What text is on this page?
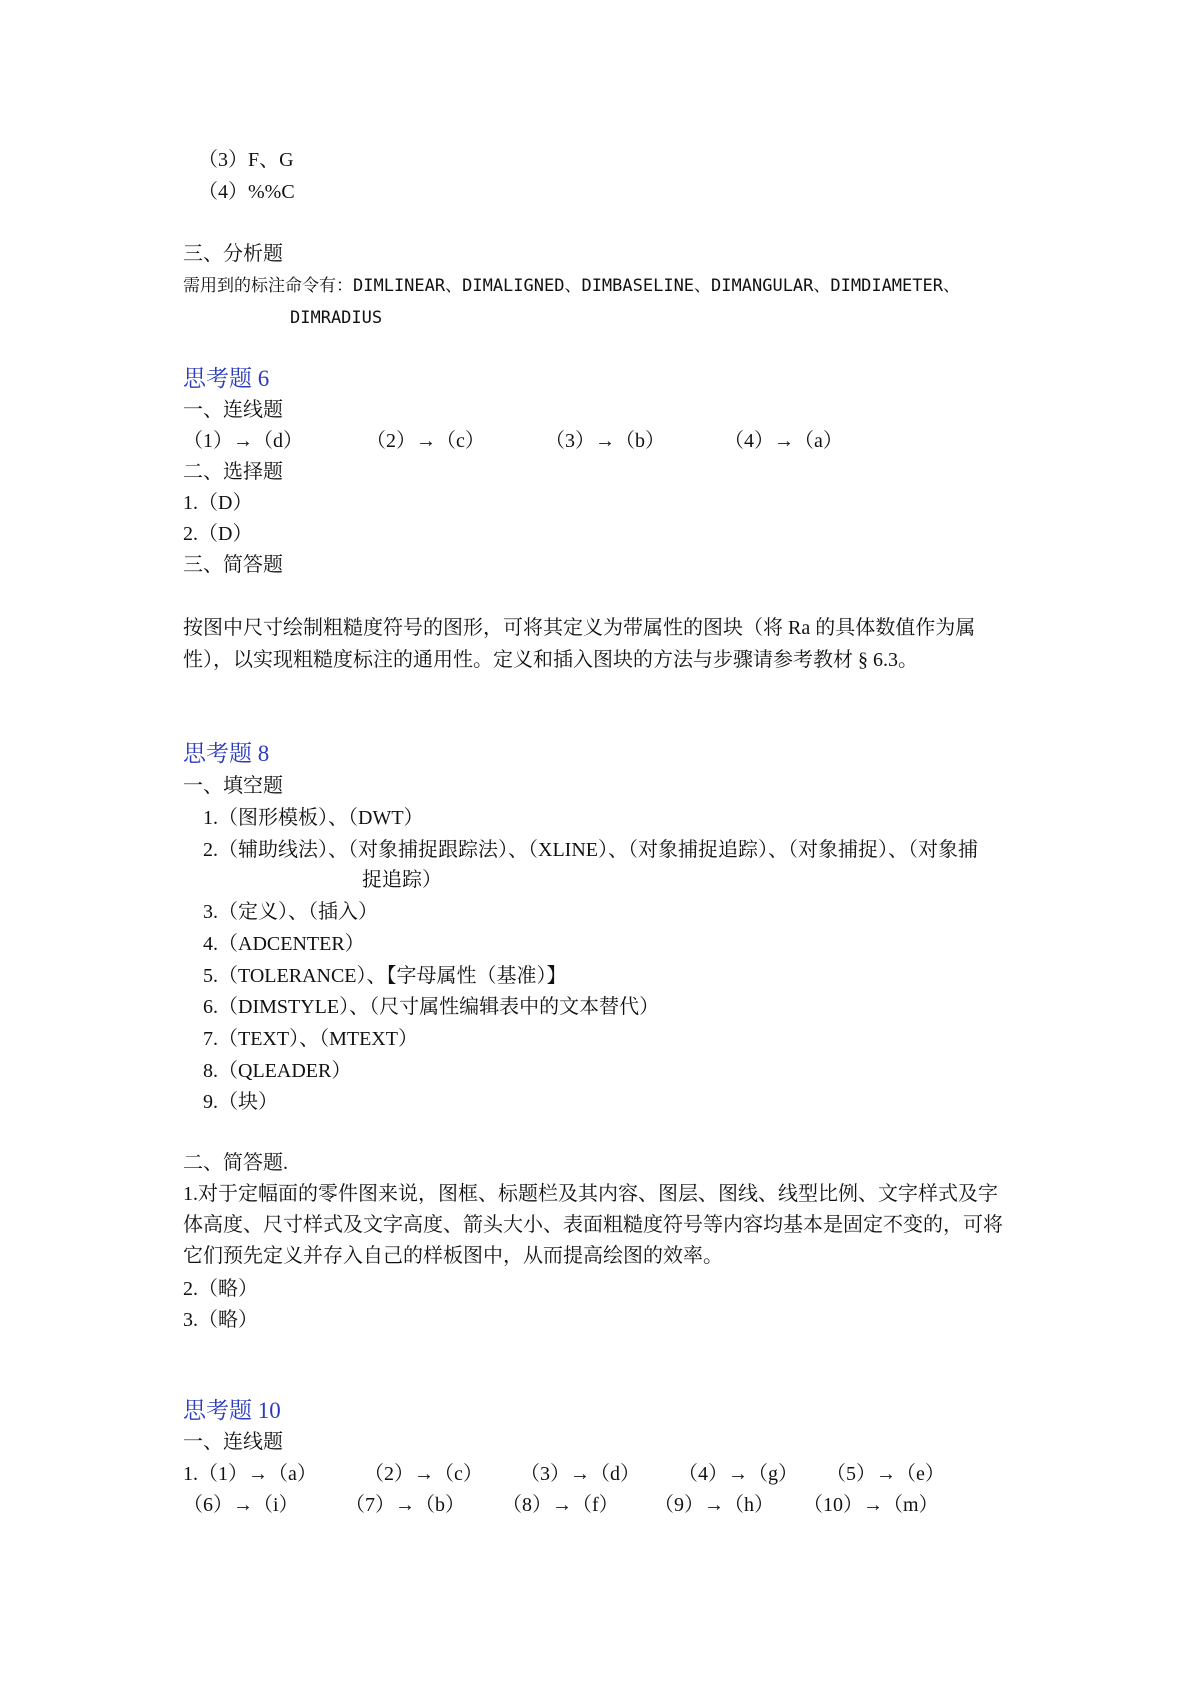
（3）F、G
（4）%%C
三、分析题
需用到的标注命令有：DIMLINEAR、DIMALIGNED、DIMBASELINE、DIMANGULAR、DIMDIAMETER、
DIMRADIUS
思考题 6
一、连线题
（1）→（d）	（2）→（c）	（3）→（b）	（4）→（a）
二、选择题
1.（D）
2.（D）
三、简答题
按图中尺寸绘制粗糙度符号的图形，可将其定义为带属性的图块（将 Ra 的具体数值作为属性），以实现粗糙度标注的通用性。定义和插入图块的方法与步骤请参考教材 § 6.3。
思考题 8
一、填空题
1.（图形模板）、（DWT）
2.（辅助线法）、（对象捕捉跟踪法）、（XLINE）、（对象捕捉追踪）、（对象捕捉）、（对象捕
捉追踪）
3.（定义）、（插入）
4.（ADCENTER）
5.（TOLERANCE）、【字母属性（基准）】
6.（DIMSTYLE）、（尺寸属性编辑表中的文本替代）
7.（TEXT）、（MTEXT）
8.（QLEADER）
9.（块）
二、简答题.
1.对于定幅面的零件图来说，图框、标题栏及其内容、图层、图线、线型比例、文字样式及字体高度、尺寸样式及文字高度、箭头大小、表面粗糙度符号等内容均基本是固定不变的，可将它们预先定义并存入自己的样板图中，从而提高绘图的效率。
2.（略）
3.（略）
思考题 10
一、连线题
1.（1）→（a） （2）→（c） （3）→（d） （4）→（g） （5）→（e）
（6）→（i） （7）→（b） （8）→（f） （9）→（h） （10）→（m）
